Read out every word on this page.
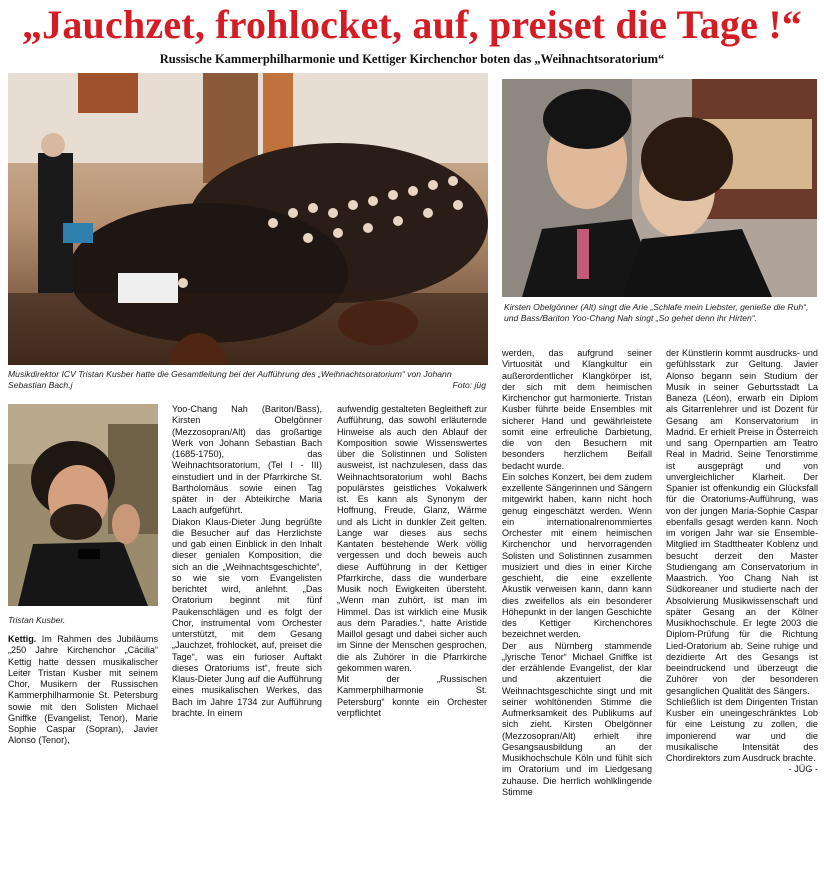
„Jauchzet, frohlocket, auf, preiset die Tage !“
Russische Kammerphilharmonie und Kettiger Kirchenchor boten das „Weihnachtsoratorium“
Musikdirektor ICV Tristan Kusber hatte die Gesamtleitung bei der Aufführung des „Weihnachtsoratorium“ von Johann Sebastian Bach.j	Foto: jüg
Kirsten Obelgönner (Alt) singt die Arie „Schlafe mein Liebster, genieße die Ruh“, und Bass/Bariton Yoo-Chang Nah singt „So gehet denn ihr Hirten“.
Tristan Kusber.

Kettig. Im Rahmen des Jubiläums „250 Jahre Kirchenchor „Cäcilia“ Kettig hatte dessen musikalischer Leiter Tristan Kusber mit seinem Chor, Musikern der Russischen Kammerphilharmonie St. Petersburg sowie mit den Solisten Michael Gniffke (Evangelist, Tenor), Marie Sophie Caspar (Sopran), Javier Alonso (Tenor),

Yoo-Chang Nah (Bariton/Bass), Kirsten Obelgönner (Mezzosopran/Alt) das großartige Werk von Johann Sebastian Bach (1685-1750), das Weihnachtsoratorium, (Tel I - III) einstudiert und in der Pfarrkirche St. Bartholomäus sowie einen Tag später in der Abteikirche Maria Laach aufgeführt.

Diakon Klaus-Dieter Jung begrüßte die Besucher auf das Herzlichste und gab einen Einblick in den Inhalt dieser genialen Komposition, die sich an die „Weihnachtsgeschichte“, so wie sie vom Evangelisten berichtet wird, anlehnt. „Das Oratorium beginnt mit fünf Paukenschlägen und es folgt der Chor, instrumental vom Orchester unterstützt, mit dem Gesang „Jauchzet, frohlocket, auf, preiset die Tage“, was ein furioser Auftakt dieses Oratoriums ist“, freute sich Klaus-Dieter Jung auf die Aufführung eines musikalischen Werkes, das Bach im Jahre 1734 zur Aufführung brachte. In einem

aufwendig gestalteten Begleitheft zur Aufführung, das sowohl erläuternde Hinweise als auch den Ablauf der Komposition sowie Wissenswertes über die Solistinnen und Solisten ausweist, ist nachzulesen, dass das Weihnachtsoratorium wohl Bachs populärstes geistliches Vokalwerk ist. Es kann als Synonym der Hoffnung, Freude, Glanz, Wärme und als Licht in dunkler Zeit gelten. Lange war dieses aus sechs Kantaten bestehende Werk völlig vergessen und doch beweis auch diese Aufführung in der Kettiger Pfarrkirche, dass die wunderbare Musik noch Ewigkeiten übersteht. „Wenn man zuhört, ist man im Himmel. Das ist wirklich eine Musik aus dem Paradies.“, hatte Aristide Maillol gesagt und dabei sicher auch im Sinne der Menschen gesprochen, die als Zuhörer in die Pfarrkirche gekommen waren.

Mit der „Russischen Kammerphilharmonie St. Petersburg“ konnte ein Orchester verpflichtet

werden, das aufgrund seiner Virtuosität und Klangkultur ein außerordentlicher Klangkörper ist, der sich mit dem heimischen Kirchenchor gut harmonierte. Tristan Kusber führte beide Ensembles mit sicherer Hand und gewährleistete somit eine erfreuliche Darbietung, die von den Besuchern mit besonders herzlichem Beifall bedacht wurde.

Ein solches Konzert, bei dem zudem exzellente Sängerinnen und Sängern mitgewirkt haben, kann nicht hoch genug eingeschätzt werden. Wenn ein internationalrenommiertes Orchester mit einem heimischen Kirchenchor und hervorragenden Solisten und Solistinnen zusammen musiziert und dies in einer Kirche geschieht, die eine exzellente Akustik verweisen kann, dann kann dies zweifellos als ein besonderer Höhepunkt in der langen Geschichte des Kettiger Kirchenchores bezeichnet werden.

Der aus Nürnberg stammende „lyrische Tenor“ Michael Gniffke ist der erzählende Evangelist, der klar und akzentuiert die Weihnachtsgeschichte singt und mit seiner wohltönenden Stimme die Aufmerksamkeit des Publikums auf sich zieht. Kirsten Obelgönner (Mezzosopran/Alt) erhielt ihre Gesangsausbildung an der Musikhochschule Köln und fühlt sich im Oratorium und im Liedgesang zuhause. Die herrlich wohlklingende Stimme

der Künstlerin kommt ausdrucks- und gefühlsstark zur Geltung. Javier Alonso begann sein Studium der Musik in seiner Geburtsstadt La Baneza (Léon), erwarb ein Diplom als Gitarrenlehrer und ist Dozent für Gesang am Konservatorium in Madrid. Er erhielt Preise in Österreich und sang Opernpartien am Teatro Real in Madrid. Seine Tenorstimme ist ausgeprägt und von unvergleichlicher Klarheit. Der Spanier ist offenkundig ein Glücksfall für die Oratoriums-Aufführung, was von der jungen Maria-Sophie Caspar ebenfalls gesagt werden kann. Noch im vorigen Jahr war sie Ensemble-Mitglied im Stadttheater Koblenz und besucht derzeit den Master Studiengang am Conservatorium in Maastrich. Yoo Chang Nah ist Südkoreaner und studierte nach der Absolvierung Musikwissenschaft und später Gesang an der Kölner Musikhochschule. Er legte 2003 die Diplom-Prüfung für die Richtung Lied-Oratorium ab. Seine ruhige und dezidierte Art des Gesangs ist beeindruckend und überzeugt die Zuhörer von der besonderen gesanglichen Qualität des Sängers.

Schließlich ist dem Dirigenten Tristan Kusber ein uneingeschränktes Lob für eine Leistung zu zollen, die imponierend war und die musikalische Intensität des Chordirektors zum Ausdruck brachte.

- JÜG -
